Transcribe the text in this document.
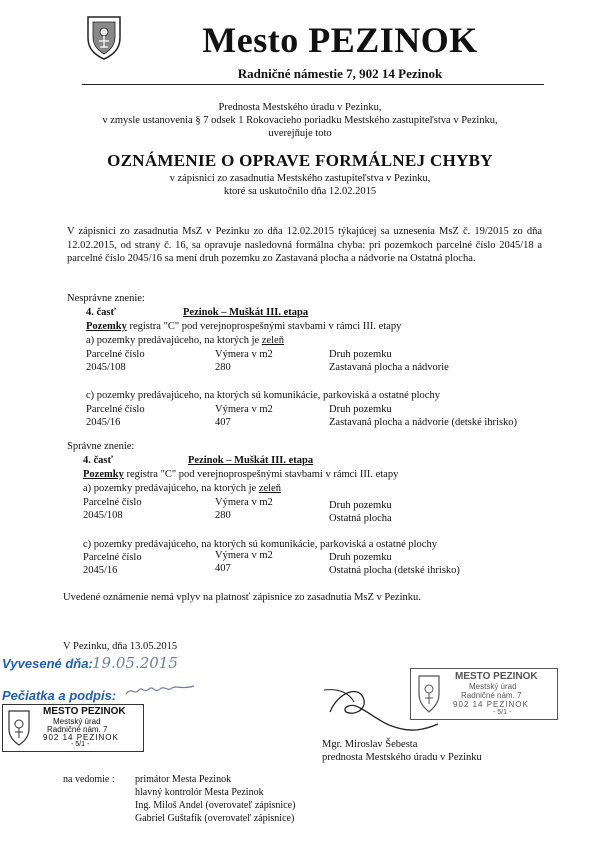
Mesto PEZINOK
Radničné námestie 7, 902 14 Pezinok
Prednosta Mestského úradu v Pezinku,
v zmysle ustanovenia § 7 odsek 1 Rokovacieho poriadku Mestského zastupiteľstva v Pezinku,
uverejňuje toto
OZNÁMENIE O OPRAVE FORMÁLNEJ CHYBY
v zápisnici zo zasadnutia Mestského zastupiteľstva v Pezinku,
ktoré sa uskutočnilo dňa 12.02.2015
V zápisnici zo zasadnutia MsZ v Pezinku zo dňa 12.02.2015 týkajúcej sa uznesenia MsZ č. 19/2015 zo dňa 12.02.2015, od strany č. 16, sa opravuje nasledovná formálna chyba: pri pozemkoch parcelné číslo 2045/18 a parcelné číslo 2045/16 sa mení druh pozemku zo Zastavaná plocha a nádvorie na Ostatná plocha.
Nesprávne znenie:
4. časť	Pezinok – Muškát III. etapa
Pozemky registra "C" pod verejnoprospešnými stavbami v rámci III. etapy
a) pozemky predávajúceho, na ktorých je zeleň
Parcelné číslo	Výmera v m2	Druh pozemku
2045/108	280	Zastavaná plocha a nádvorie
c) pozemky predávajúceho, na ktorých sú komunikácie, parkoviská a ostatné plochy
Parcelné číslo	Výmera v m2	Druh pozemku
2045/16	407	Zastavaná plocha a nádvorie (detské ihrisko)
Správne znenie:
4. časť	Pezinok – Muškát III. etapa
Pozemky registra "C" pod verejnoprospešnými stavbami v rámci III. etapy
a) pozemky predávajúceho, na ktorých je zeleň
Parcelné číslo	Výmera v m2	Druh pozemku
2045/108	280	Ostatná plocha
c) pozemky predávajúceho, na ktorých sú komunikácie, parkoviská a ostatné plochy
Parcelné číslo	Výmera v m2	Druh pozemku
2045/16	407	Ostatná plocha (detské ihrisko)
Uvedené oznámenie nemá vplyv na platnosť zápisnice zo zasadnutia MsZ v Pezinku.
V Pezinku, dňa 13.05.2015
Vyvesené dňa: 19.05.2015
Pečiatka a podpis:
MESTO PEZINOK
Mestský úrad
Radničné nám. 7
902 14 PEZINOK
- 5/1 -
MESTO PEZINOK
Mestský úrad
Radničné nám. 7
902 14 PEZINOK
- 5/1 -
Mgr. Miroslav Šebesta
prednosta Mestského úradu v Pezinku
na vedomie : primátor Mesta Pezinok
hlavný kontrolór Mesta Pezinok
Ing. Miloš Andel (overovateľ zápisnice)
Gabriel Guštafík (overovateľ zápisnice)
